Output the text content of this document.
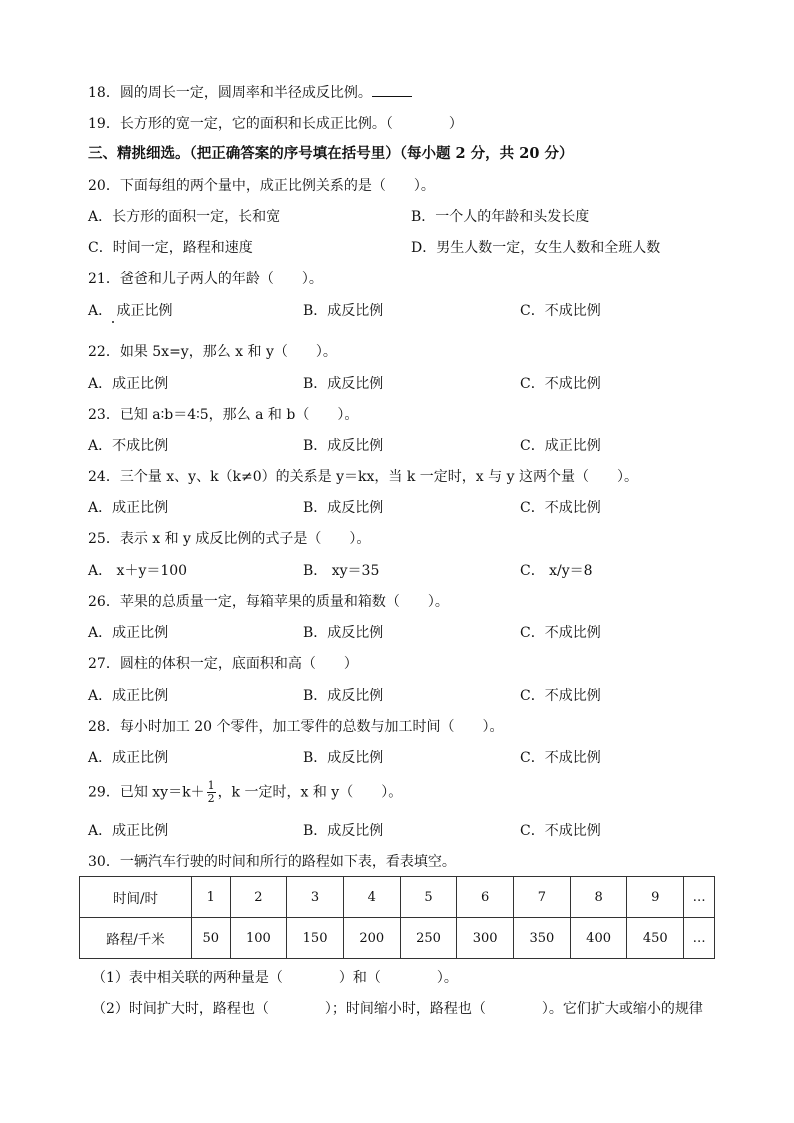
18．圆的周长一定，圆周率和半径成反比例。
19．长方形的宽一定，它的面积和长成正比例。（　　　　）
三、精挑细选。（把正确答案的序号填在括号里）（每小题 2 分，共 20 分）
20．下面每组的两个量中，成正比例关系的是（　　）。
A．长方形的面积一定，长和宽	B．一个人的年龄和头发长度
C．时间一定，路程和速度	D．男生人数一定，女生人数和全班人数
21．爸爸和儿子两人的年龄（　　）。
A． 成正比例	B．成反比例	C．不成比例
22．如果 5x=y，那么 x 和 y（　　）。
A．成正比例	B．成反比例	C．不成比例
23．已知 a∶b＝4∶5，那么 a 和 b（　　）。
A．不成比例	B．成反比例	C．成正比例
24．三个量 x、y、k（k≠0）的关系是 y＝kx，当 k 一定时，x 与 y 这两个量（　　）。
A．成正比例	B．成反比例	C．不成比例
25．表示 x 和 y 成反比例的式子是（　　）。
A． x＋y＝100	B． xy＝35	C． x/y＝8
26．苹果的总质量一定，每箱苹果的质量和箱数（　　）。
A．成正比例	B．成反比例	C．不成比例
27．圆柱的体积一定，底面积和高（　　）
A．成正比例	B．成反比例	C．不成比例
28．每小时加工 20 个零件，加工零件的总数与加工时间（　　）。
A．成正比例	B．成反比例	C．不成比例
29．已知 $xy=k+ \frac{1}{2}$ ，k 一定时，x 和 y（　　）。
A．成正比例	B．成反比例	C．不成比例
30．一辆汽车行驶的时间和所行的路程如下表，看表填空。
时间/时	1	2	3	4	5	6	7	8	9	…
路程/千米	50	100	150	200	250	300	350	400	450	…
（1）表中相关联的两种量是（　　　　）和（　　　　）。
（2）时间扩大时，路程也（　　　　）；时间缩小时，路程也（　　　　）。它们扩大或缩小的规律
